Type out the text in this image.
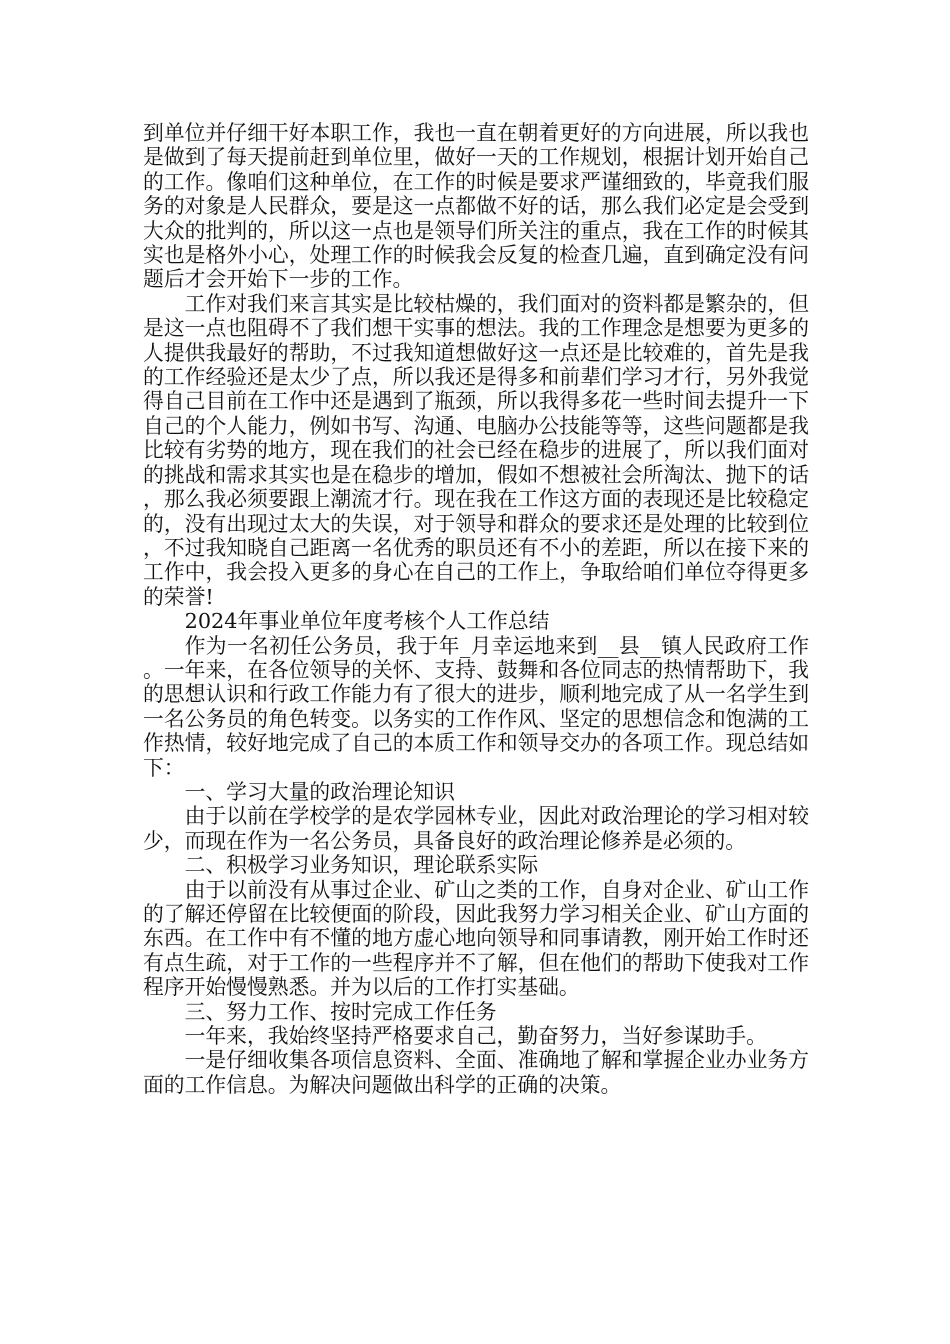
到单位并仔细干好本职工作，我也一直在朝着更好的方向进展，所以我也是做到了每天提前赶到单位里，做好一天的工作规划，根据计划开始自己的工作。像咱们这种单位，在工作的时候是要求严谨细致的，毕竟我们服务的对象是人民群众，要是这一点都做不好的话，那么我们必定是会受到大众的批判的，所以这一点也是领导们所关注的重点，我在工作的时候其实也是格外小心，处理工作的时候我会反复的检查几遍，直到确定没有问题后才会开始下一步的工作。

工作对我们来言其实是比较枯燥的，我们面对的资料都是繁杂的，但是这一点也阻碍不了我们想干实事的想法。我的工作理念是想要为更多的人提供我最好的帮助，不过我知道想做好这一点还是比较难的，首先是我的工作经验还是太少了点，所以我还是得多和前辈们学习才行，另外我觉得自己目前在工作中还是遇到了瓶颈，所以我得多花一些时间去提升一下自己的个人能力，例如书写、沟通、电脑办公技能等等，这些问题都是我比较有劣势的地方，现在我们的社会已经在稳步的进展了，所以我们面对的挑战和需求其实也是在稳步的增加，假如不想被社会所淘汰、抛下的话，那么我必须要跟上潮流才行。现在我在工作这方面的表现还是比较稳定的，没有出现过太大的失误，对于领导和群众的要求还是处理的比较到位，不过我知晓自己距离一名优秀的职员还有不小的差距，所以在接下来的工作中，我会投入更多的身心在自己的工作上，争取给咱们单位夺得更多的荣誉!

2024年事业单位年度考核个人工作总结

作为一名初任公务员，我于年_月幸运地来到__县__镇人民政府工作。一年来，在各位领导的关怀、支持、鼓舞和各位同志的热情帮助下，我的思想认识和行政工作能力有了很大的进步，顺利地完成了从一名学生到一名公务员的角色转变。以务实的工作作风、坚定的思想信念和饱满的工作热情，较好地完成了自己的本质工作和领导交办的各项工作。现总结如下：

一、学习大量的政治理论知识

由于以前在学校学的是农学园林专业，因此对政治理论的学习相对较少，而现在作为一名公务员，具备良好的政治理论修养是必须的。

二、积极学习业务知识，理论联系实际

由于以前没有从事过企业、矿山之类的工作，自身对企业、矿山工作的了解还停留在比较便面的阶段，因此我努力学习相关企业、矿山方面的东西。在工作中有不懂的地方虚心地向领导和同事请教，刚开始工作时还有点生疏，对于工作的一些程序并不了解，但在他们的帮助下使我对工作程序开始慢慢熟悉。并为以后的工作打实基础。

三、努力工作、按时完成工作任务

一年来，我始终坚持严格要求自己，勤奋努力，当好参谋助手。

一是仔细收集各项信息资料、全面、准确地了解和掌握企业办业务方面的工作信息。为解决问题做出科学的正确的决策。
